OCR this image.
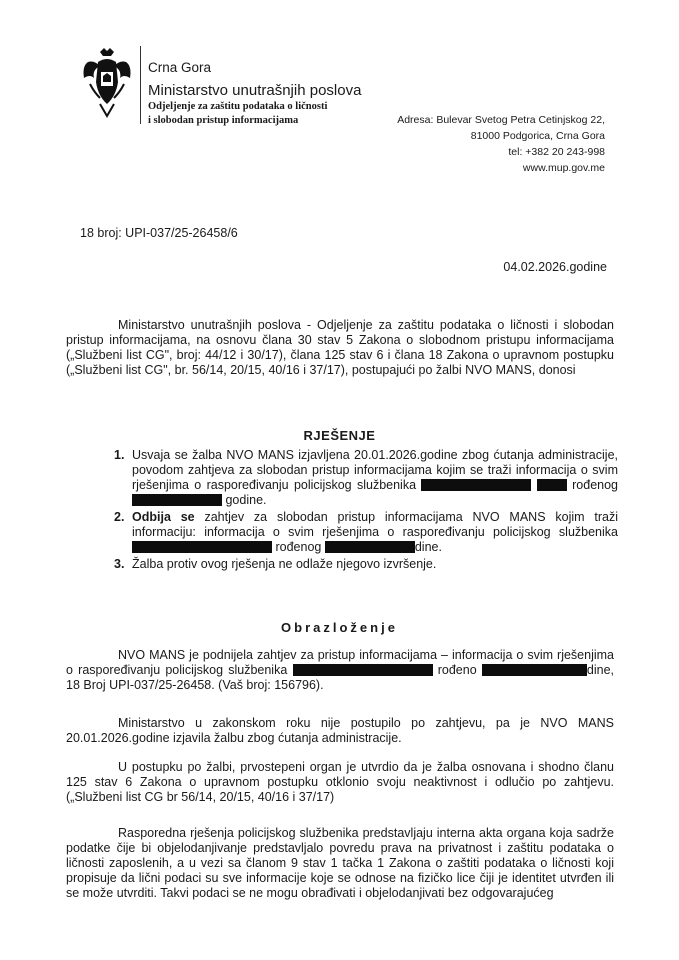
Crna Gora
Ministarstvo unutrašnjih poslova
Odjeljenje za zaštitu podataka o ličnosti
i slobodan pristup informacijama	Adresa: Bulevar Svetog Petra Cetinjskog 22,
81000 Podgorica, Crna Gora
tel: +382 20 243-998
www.mup.gov.me
18 broj: UPI-037/25-26458/6
04.02.2026.godine
Ministarstvo unutrašnjih poslova - Odjeljenje za zaštitu podataka o ličnosti i slobodan pristup informacijama, na osnovu člana 30 stav 5 Zakona o slobodnom pristupu informacijama („Službeni list CG", broj: 44/12 i 30/17), člana 125 stav 6 i člana 18 Zakona o upravnom postupku („Službeni list CG", br. 56/14, 20/15, 40/16 i 37/17), postupajući po žalbi NVO MANS, donosi
RJEŠENJE
1. Usvaja se žalba NVO MANS izjavljena 20.01.2026.godine zbog ćutanja administracije, povodom zahtjeva za slobodan pristup informacijama kojim se traži informacija o svim rješenjima o raspoređivanju policijskog službenika	rođenog godine.
2. Odbija se zahtjev za slobodan pristup informacijama NVO MANS kojim traži informaciju: informacija o svim rješenjima o raspoređivanju policijskog službenika  rođenog	dine.
3. Žalba protiv ovog rješenja ne odlaže njegovo izvršenje.
Obrazloženje
NVO MANS je podnijela zahtjev za pristup informacijama – informacija o svim rješenjima o raspoređivanju policijskog službenika	rođeno	dine, 18 Broj UPI-037/25-26458. (Vaš broj: 156796).
Ministarstvo u zakonskom roku nije postupilo po zahtjevu, pa je NVO MANS 20.01.2026.godine izjavila žalbu zbog ćutanja administracije.
U postupku po žalbi, prvostepeni organ je utvrdio da je žalba osnovana i shodno članu 125 stav 6 Zakona o upravnom postupku otklonio svoju neaktivnost i odlučio po zahtjevu. („Službeni list CG br 56/14, 20/15, 40/16 i 37/17)
Rasporedna rješenja policijskog službenika predstavljaju interna akta organa koja sadrže podatke čije bi objelodanjivanje predstavljalo povredu prava na privatnost i zaštitu podataka o ličnosti zaposlenih, a u vezi sa članom 9 stav 1 tačka 1 Zakona o zaštiti podataka o ličnosti koji propisuje da lični podaci su sve informacije koje se odnose na fizičko lice čiji je identitet utvrđen ili se može utvrditi. Takvi podaci se ne mogu obrađivati i objelodanjivati bez odgovarajućeg
